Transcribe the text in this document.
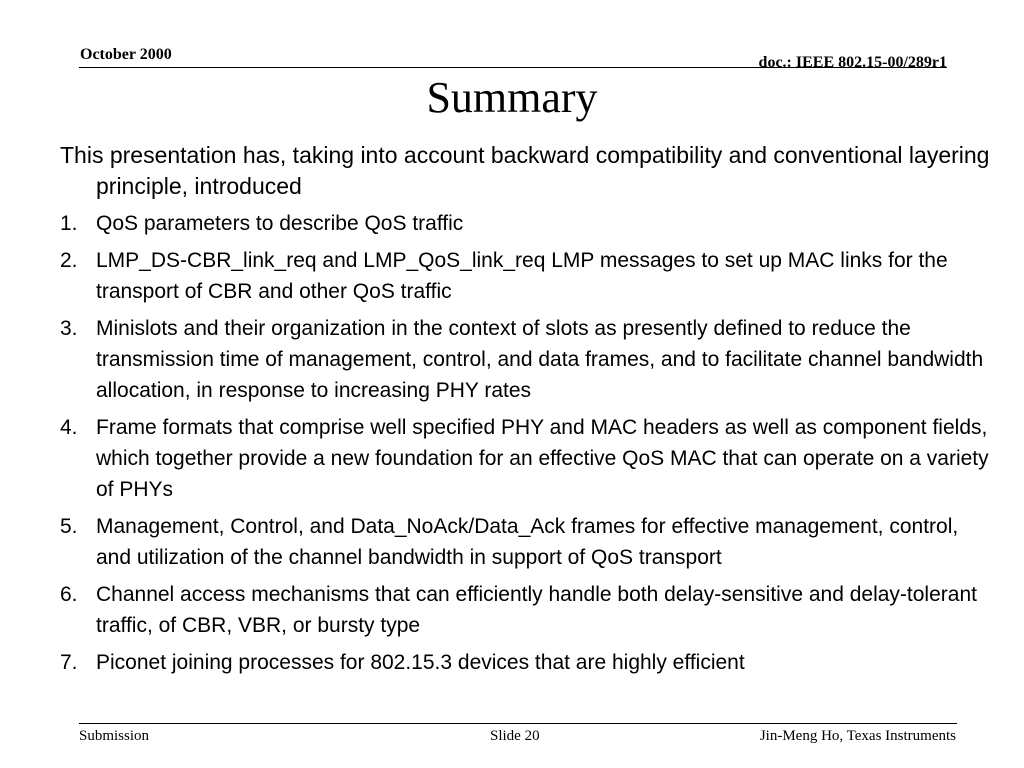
October 2000	doc.: IEEE 802.15-00/289r1
Summary

This presentation has, taking into account backward compatibility and conventional layering principle, introduced

1. QoS parameters to describe QoS traffic
2. LMP_DS-CBR_link_req and LMP_QoS_link_req LMP messages to set up MAC links for the transport of CBR and other QoS traffic
3. Minislots and their organization in the context of slots as presently defined to reduce the transmission time of management, control, and data frames, and to facilitate channel bandwidth allocation, in response to increasing PHY rates
4. Frame formats that comprise well specified PHY and MAC headers as well as component fields, which together provide a new foundation for an effective QoS MAC that can operate on a variety of PHYs
5. Management, Control, and Data_NoAck/Data_Ack frames for effective management, control, and utilization of the channel bandwidth in support of QoS transport
6. Channel access mechanisms that can efficiently handle both delay-sensitive and delay-tolerant traffic, of CBR, VBR, or bursty type
7. Piconet joining processes for 802.15.3 devices that are highly efficient
Submission	Slide 20	Jin-Meng Ho, Texas Instruments
